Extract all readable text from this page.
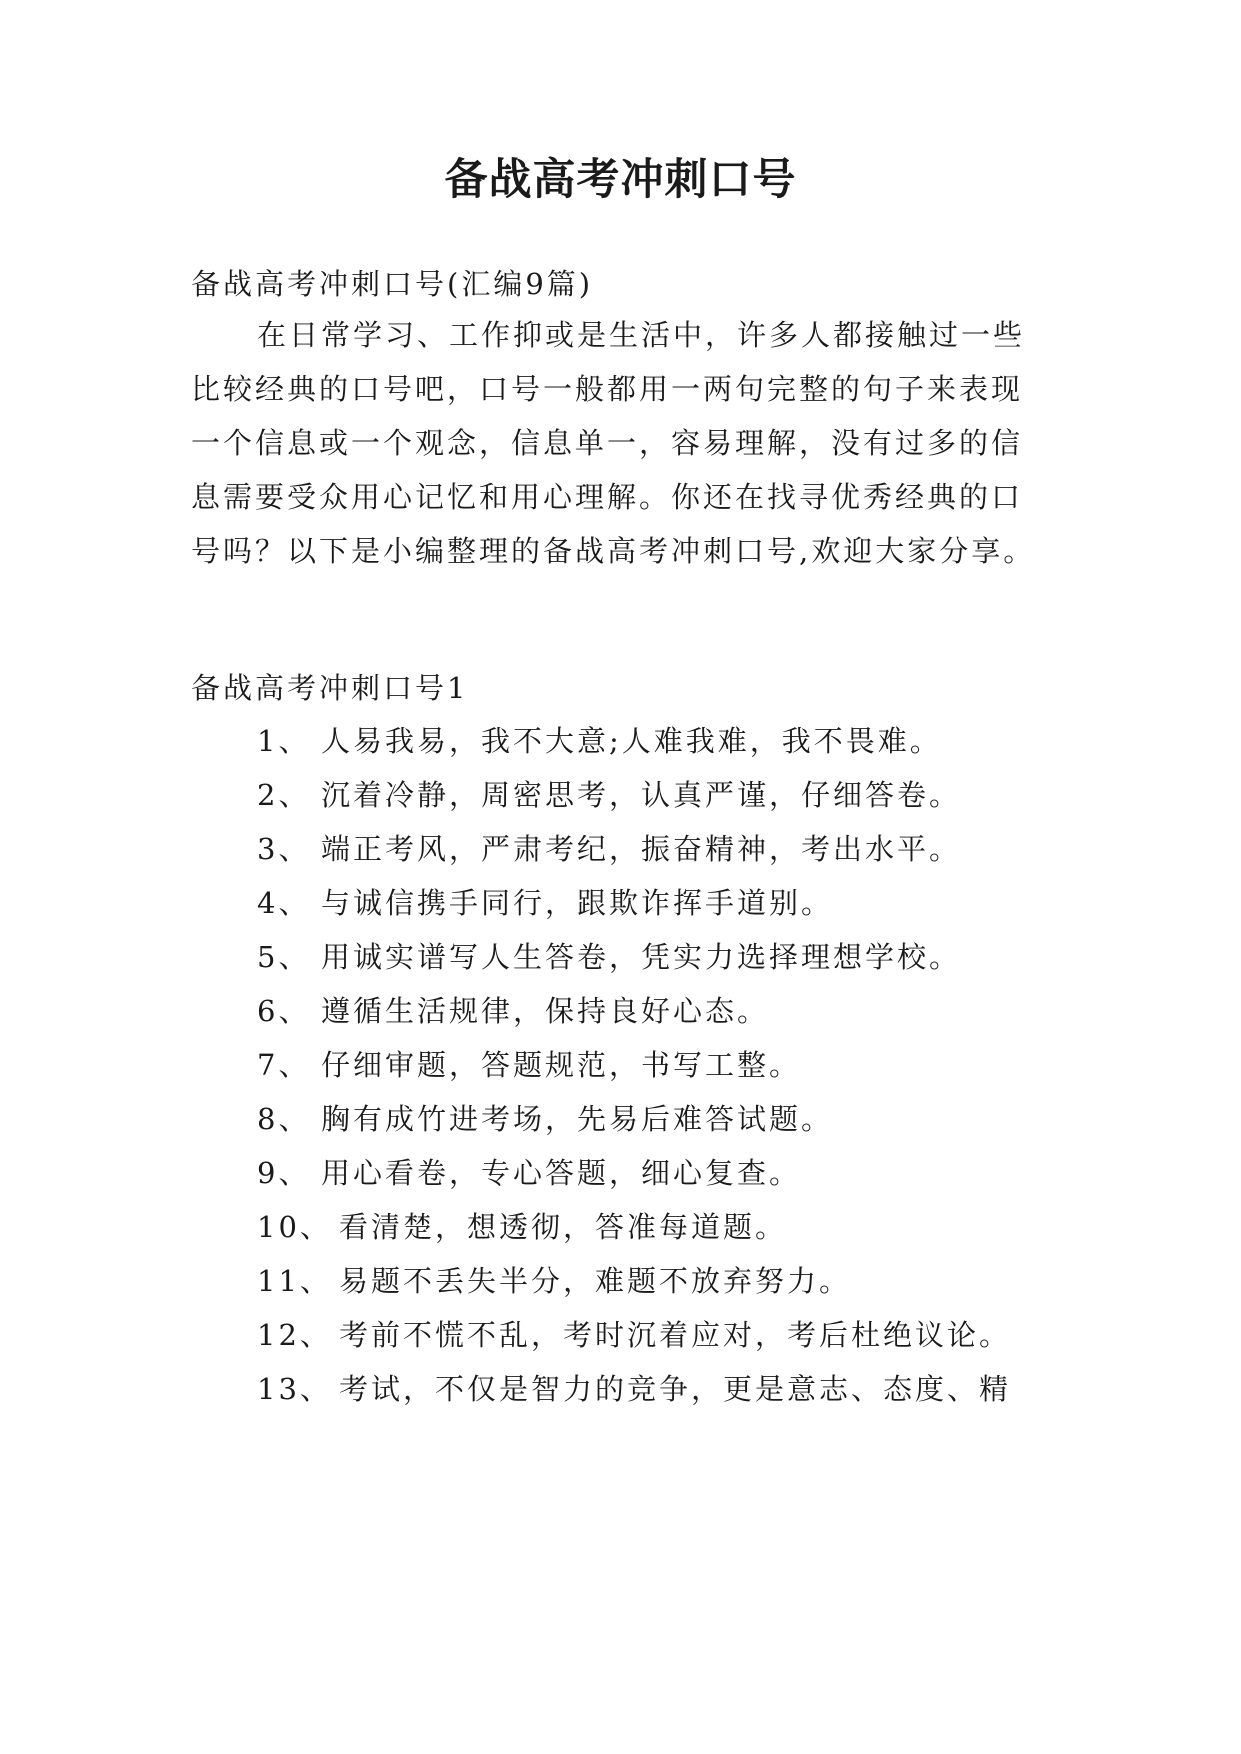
备战高考冲刺口号
备战高考冲刺口号(汇编9篇)
在日常学习、工作抑或是生活中，许多人都接触过一些
比较经典的口号吧，口号一般都用一两句完整的句子来表现
一个信息或一个观念，信息单一，容易理解，没有过多的信
息需要受众用心记忆和用心理解。你还在找寻优秀经典的口
号吗？以下是小编整理的备战高考冲刺口号,欢迎大家分享。
备战高考冲刺口号1
1、 人易我易，我不大意;人难我难，我不畏难。
2、 沉着冷静，周密思考，认真严谨，仔细答卷。
3、 端正考风，严肃考纪，振奋精神，考出水平。
4、 与诚信携手同行，跟欺诈挥手道别。
5、 用诚实谱写人生答卷，凭实力选择理想学校。
6、 遵循生活规律，保持良好心态。
7、 仔细审题，答题规范，书写工整。
8、 胸有成竹进考场，先易后难答试题。
9、 用心看卷，专心答题，细心复查。
10、 看清楚，想透彻，答准每道题。
11、 易题不丢失半分，难题不放弃努力。
12、 考前不慌不乱，考时沉着应对，考后杜绝议论。
13、 考试，不仅是智力的竞争，更是意志、态度、精
